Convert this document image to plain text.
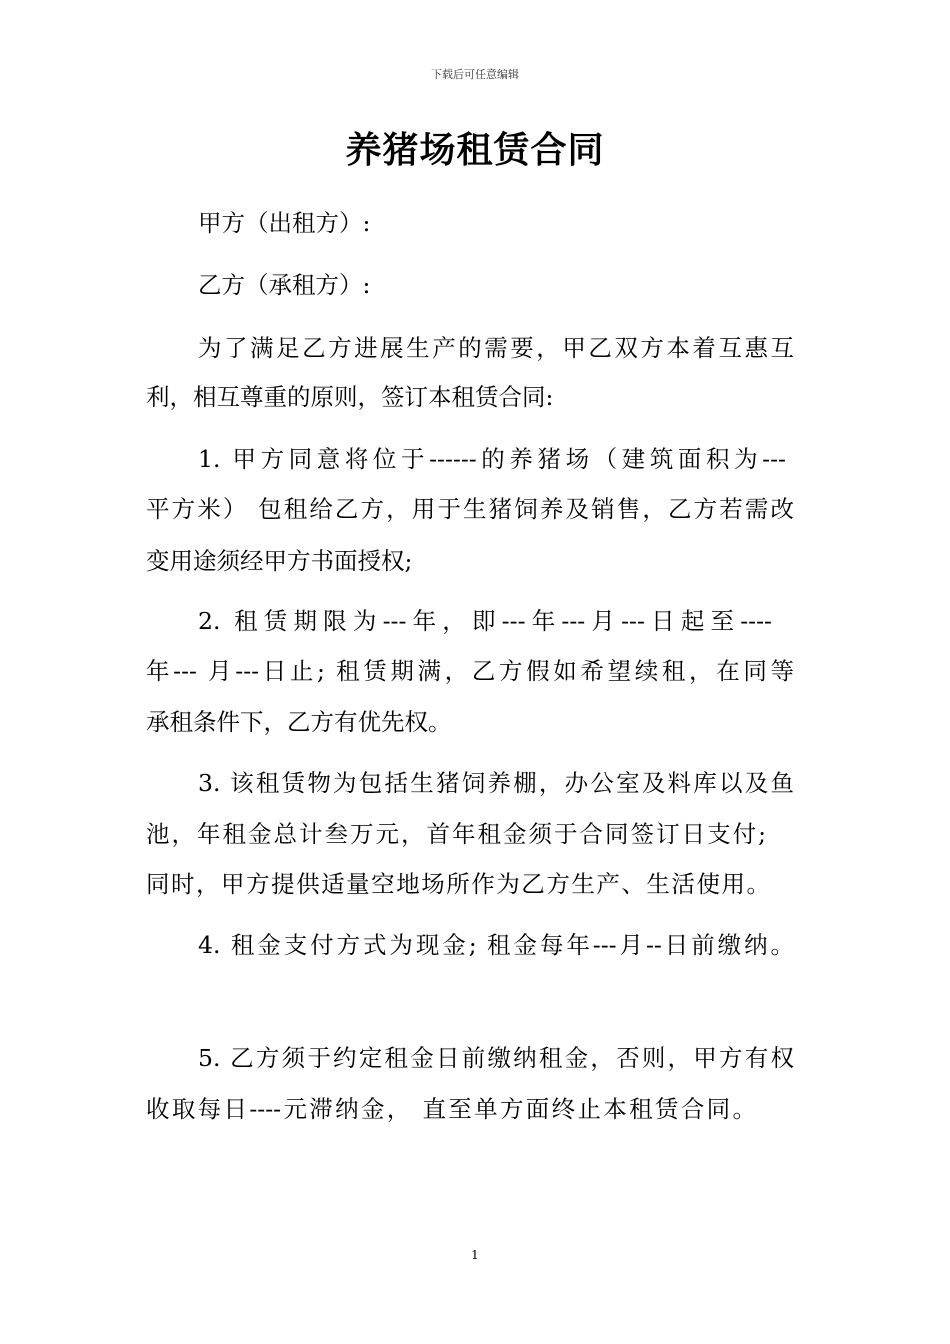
下载后可任意编辑
养猪场租赁合同
甲方（出租方）:
乙方（承租方）:
为了满足乙方进展生产的需要，甲乙双方本着互惠互
利，相互尊重的原则，签订本租赁合同:
1. 甲方同意将位于------的养猪场（建筑面积为---
平方米） 包租给乙方，用于生猪饲养及销售，乙方若需改
变用途须经甲方书面授权;
2. 租赁期限为---年，即---年---月---日起至----
年--- 月---日止; 租赁期满，乙方假如希望续租，在同等
承租条件下，乙方有优先权。
3. 该租赁物为包括生猪饲养棚，办公室及料库以及鱼
池，年租金总计叁万元，首年租金须于合同签订日支付;
同时，甲方提供适量空地场所作为乙方生产、生活使用。
4. 租金支付方式为现金; 租金每年---月--日前缴纳。
5. 乙方须于约定租金日前缴纳租金，否则，甲方有权
收取每日----元滞纳金， 直至单方面终止本租赁合同。
1
